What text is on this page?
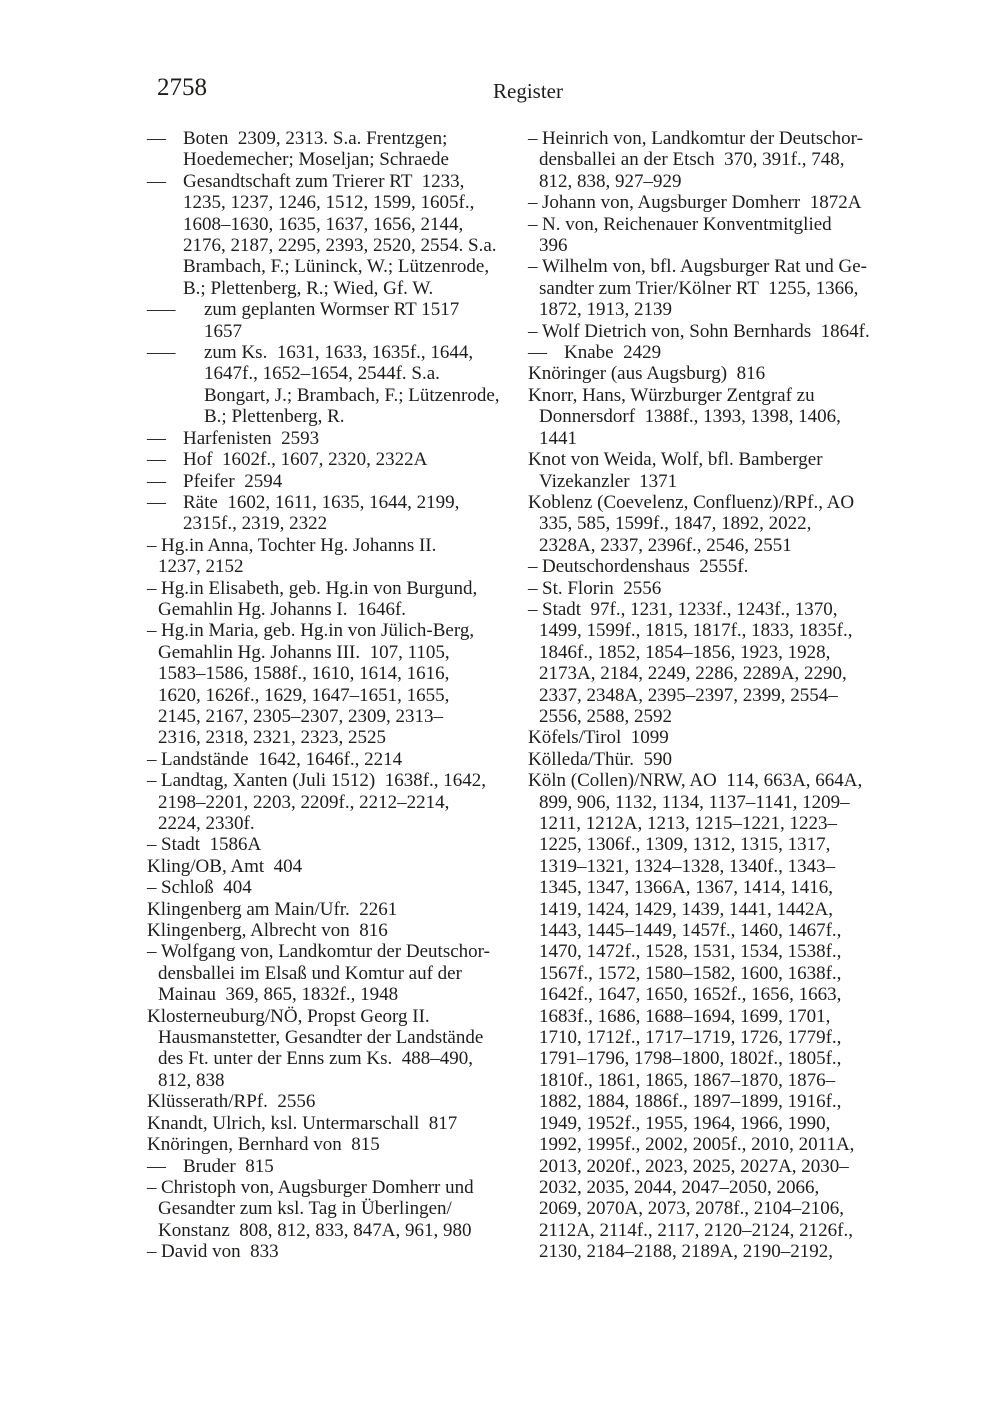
2758	Register
–– Boten  2309, 2313. S.a. Frentzgen;
Hoedemecher; Moseljan; Schraede
–– Gesandtschaft zum Trierer RT  1233,
1235, 1237, 1246, 1512, 1599, 1605f.,
1608–1630, 1635, 1637, 1656, 2144,
2176, 2187, 2295, 2393, 2520, 2554. S.a.
Brambach, F.; Lüninck, W.; Lützenrode,
B.; Plettenberg, R.; Wied, Gf. W.
––– zum geplanten Wormser RT 1517
1657
––– zum Ks.  1631, 1633, 1635f., 1644,
1647f., 1652–1654, 2544f. S.a.
Bongart, J.; Brambach, F.; Lützenrode,
B.; Plettenberg, R.
–– Harfenisten  2593
–– Hof  1602f., 1607, 2320, 2322A
–– Pfeifer  2594
–– Räte  1602, 1611, 1635, 1644, 2199,
2315f., 2319, 2322
– Hg.in Anna, Tochter Hg. Johanns II.
1237, 2152
– Hg.in Elisabeth, geb. Hg.in von Burgund,
Gemahlin Hg. Johanns I.  1646f.
– Hg.in Maria, geb. Hg.in von Jülich-Berg,
Gemahlin Hg. Johanns III.  107, 1105,
1583–1586, 1588f., 1610, 1614, 1616,
1620, 1626f., 1629, 1647–1651, 1655,
2145, 2167, 2305–2307, 2309, 2313–
2316, 2318, 2321, 2323, 2525
– Landstände  1642, 1646f., 2214
– Landtag, Xanten (Juli 1512)  1638f., 1642,
2198–2201, 2203, 2209f., 2212–2214,
2224, 2330f.
– Stadt  1586A
Kling/OB, Amt  404
– Schloß  404
Klingenberg am Main/Ufr.  2261
Klingenberg, Albrecht von  816
– Wolfgang von, Landkomtur der Deutschor-
densballei im Elsaß und Komtur auf der
Mainau  369, 865, 1832f., 1948
Klosterneuburg/NÖ, Propst Georg II.
Hausmanstetter, Gesandter der Landstände
des Ft. unter der Enns zum Ks.  488–490,
812, 838
Klüsserath/RPf.  2556
Knandt, Ulrich, ksl. Untermarschall  817
Knöringen, Bernhard von  815
–– Bruder  815
– Christoph von, Augsburger Domherr und
Gesandter zum ksl. Tag in Überlingen/
Konstanz  808, 812, 833, 847A, 961, 980
– David von  833
– Heinrich von, Landkomtur der Deutschor-
densballei an der Etsch  370, 391f., 748,
812, 838, 927–929
– Johann von, Augsburger Domherr  1872A
– N. von, Reichenauer Konventmitglied
396
– Wilhelm von, bfl. Augsburger Rat und Ge-
sandter zum Trier/Kölner RT  1255, 1366,
1872, 1913, 2139
– Wolf Dietrich von, Sohn Bernhards  1864f.
–– Knabe  2429
Knöringer (aus Augsburg)  816
Knorr, Hans, Würzburger Zentgraf zu
Donnersdorf  1388f., 1393, 1398, 1406,
1441
Knot von Weida, Wolf, bfl. Bamberger
Vizekanzler  1371
Koblenz (Coevelenz, Confluenz)/RPf., AO
335, 585, 1599f., 1847, 1892, 2022,
2328A, 2337, 2396f., 2546, 2551
– Deutschordenshaus  2555f.
– St. Florin  2556
– Stadt  97f., 1231, 1233f., 1243f., 1370,
1499, 1599f., 1815, 1817f., 1833, 1835f.,
1846f., 1852, 1854–1856, 1923, 1928,
2173A, 2184, 2249, 2286, 2289A, 2290,
2337, 2348A, 2395–2397, 2399, 2554–
2556, 2588, 2592
Köfels/Tirol  1099
Kölleda/Thür.  590
Köln (Collen)/NRW, AO  114, 663A, 664A,
899, 906, 1132, 1134, 1137–1141, 1209–
1211, 1212A, 1213, 1215–1221, 1223–
1225, 1306f., 1309, 1312, 1315, 1317,
1319–1321, 1324–1328, 1340f., 1343–
1345, 1347, 1366A, 1367, 1414, 1416,
1419, 1424, 1429, 1439, 1441, 1442A,
1443, 1445–1449, 1457f., 1460, 1467f.,
1470, 1472f., 1528, 1531, 1534, 1538f.,
1567f., 1572, 1580–1582, 1600, 1638f.,
1642f., 1647, 1650, 1652f., 1656, 1663,
1683f., 1686, 1688–1694, 1699, 1701,
1710, 1712f., 1717–1719, 1726, 1779f.,
1791–1796, 1798–1800, 1802f., 1805f.,
1810f., 1861, 1865, 1867–1870, 1876–
1882, 1884, 1886f., 1897–1899, 1916f.,
1949, 1952f., 1955, 1964, 1966, 1990,
1992, 1995f., 2002, 2005f., 2010, 2011A,
2013, 2020f., 2023, 2025, 2027A, 2030–
2032, 2035, 2044, 2047–2050, 2066,
2069, 2070A, 2073, 2078f., 2104–2106,
2112A, 2114f., 2117, 2120–2124, 2126f.,
2130, 2184–2188, 2189A, 2190–2192,
